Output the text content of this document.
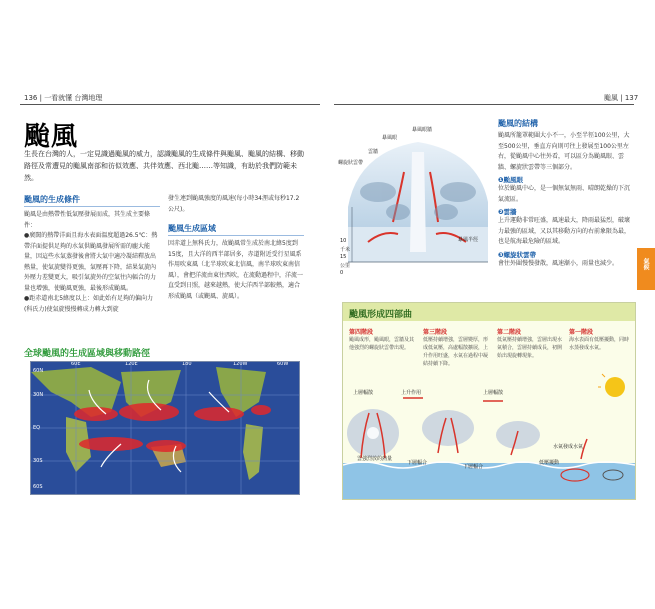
136 | 一看就懂 台灣地理	颱風 | 137
颱風
生長在台灣的人，一定見識過颱風的威力，認識颱風的生成條件與颱風、颱風的結構、移動路徑及常遭見的颱風南部和彷似效應、共伴效應、西北颱……等知識，有助於我們防範未然。
颱風的生成條件
颱風是由熱帶性低氣壓發展而成，其生成主要條件：
●廣闊的熱帶洋面且海水表面溫度超過26.5℃：熱帶洋面提供足夠的水氣供颱風發展所需的龐大能量，因這些水氣蒸發後會將大氣中適冷凝結釋放出熱量，使氣旋變得更強，氣壓再下降，結果氣旋內外壓力差變更大，吸引氣旋外的空氣往內輻合的力量也增強，使颱風更強，最後形成颱風。
●距赤道南北5緯度以上：如此始有足夠的偏向力(科氏力)使氣旋慢慢轉成力轉大到旋
發生連到颱風強度的風速(每小時34浬或每秒17.2公尺)。
颱風生成區域
因赤道上無科氏力，故颱風常生成於南北緯5度到15度，且大洋的西半部居多，赤道附近受行星風系作用吹東風（北半球吹東北信風，南半球吹東南信風），會把洋流由東往西吹，在流動過程中，洋流一直受到日照，越來越熱，使大洋西半部較熱，適合形成颱風（或颶風、旋風）。
全球颱風的生成區域與移動路徑
60E	120E	180	120W	60W
60N
30N
EQ
30S
60S
暴風眼
暴風眼牆
螺旋狀雲帶
雲牆
暴風半徑
10
千米
15
公里
0
颱風剖面圖
颱風的結構
颱風所籠罩範圍大小不一，小至半徑100公里，大至500公里，垂直方向則可往上發展至100公里左右，從颱風中心往外看，可以區分為颱風眼、雲牆、螺旋狀雲帶等三個部分。
❶颱風眼
位於颱風中心，是一個無氣無雨、晴朗乾燥的下沉氣流區。
❷雲牆
上升運動非常旺盛，風速最大，降雨最猛烈，破壞力最強的區域，又以其移動方向的右前象限為最，也是航海最危險的區域。
❸螺旋狀雲帶
會往外圍慢慢發散，風速漸小，雨量也減少。	氣候
颱風形成四部曲
第四階段
颱風成形，颱風眼，雲牆及其他強烈的螺旋狀雲帶出現。
第三階段
低壓持續增強，雲層變厚，形成低氣壓，高處幅散擴展，上升作用旺盛，水氣在過程中凝結持續下降。
第二階段
低氣壓持續增強，雲層出現水氣積合，雲層持續成長，初開始出現旋轉現象。
第一階段
海水表面有低壓擾動，同時水蒸發成水氣。
上層輻散	上升作用	上層輻散
下層輻合
下層輻合
水氣發成水氣
低壓擾動
雲強烈放的熱量
